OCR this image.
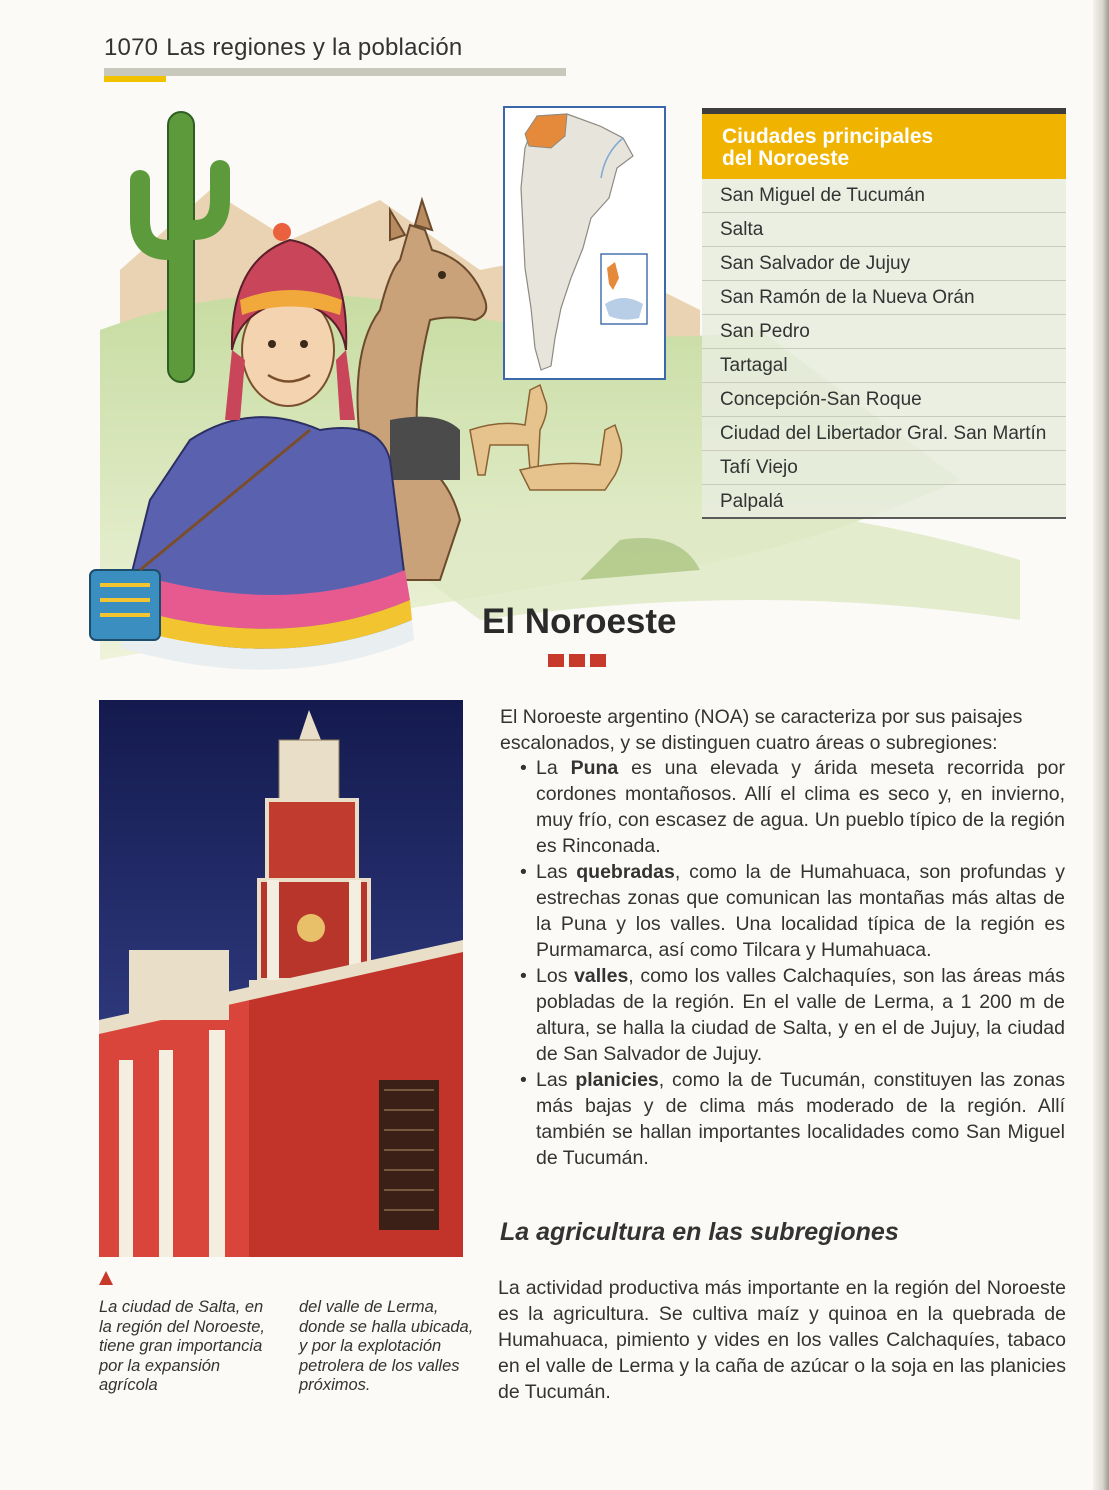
1070 Las regiones y la población
Ciudades principales
del Noroeste
San Miguel de Tucumán
Salta
San Salvador de Jujuy
San Ramón de la Nueva Orán
San Pedro
Tartagal
Concepción-San Roque
Ciudad del Libertador Gral. San Martín
Tafí Viejo
Palpalá
El Noroeste
La ciudad de Salta, en la región del Noroeste, tiene gran importancia por la expansión agrícola
del valle de Lerma, donde se halla ubicada, y por la explotación petrolera de los valles próximos.
El Noroeste argentino (NOA) se caracteriza por sus paisajes escalonados, y se distinguen cuatro áreas o subregiones:
• La Puna es una elevada y árida meseta recorrida por cordones montañosos. Allí el clima es seco y, en invierno, muy frío, con escasez de agua. Un pueblo típico de la región es Rinconada.
• Las quebradas, como la de Humahuaca, son profundas y estrechas zonas que comunican las montañas más altas de la Puna y los valles. Una localidad típica de la región es Purmamarca, así como Tilcara y Humahuaca.
• Los valles, como los valles Calchaquíes, son las áreas más pobladas de la región. En el valle de Lerma, a 1 200 m de altura, se halla la ciudad de Salta, y en el de Jujuy, la ciudad de San Salvador de Jujuy.
• Las planicies, como la de Tucumán, constituyen las zonas más bajas y de clima más moderado de la región. Allí también se hallan importantes localidades como San Miguel de Tucumán.
La agricultura en las subregiones
La actividad productiva más importante en la región del Noroeste es la agricultura. Se cultiva maíz y quinoa en la quebrada de Humahuaca, pimiento y vides en los valles Calchaquíes, tabaco en el valle de Lerma y la caña de azúcar o la soja en las planicies de Tucumán.
